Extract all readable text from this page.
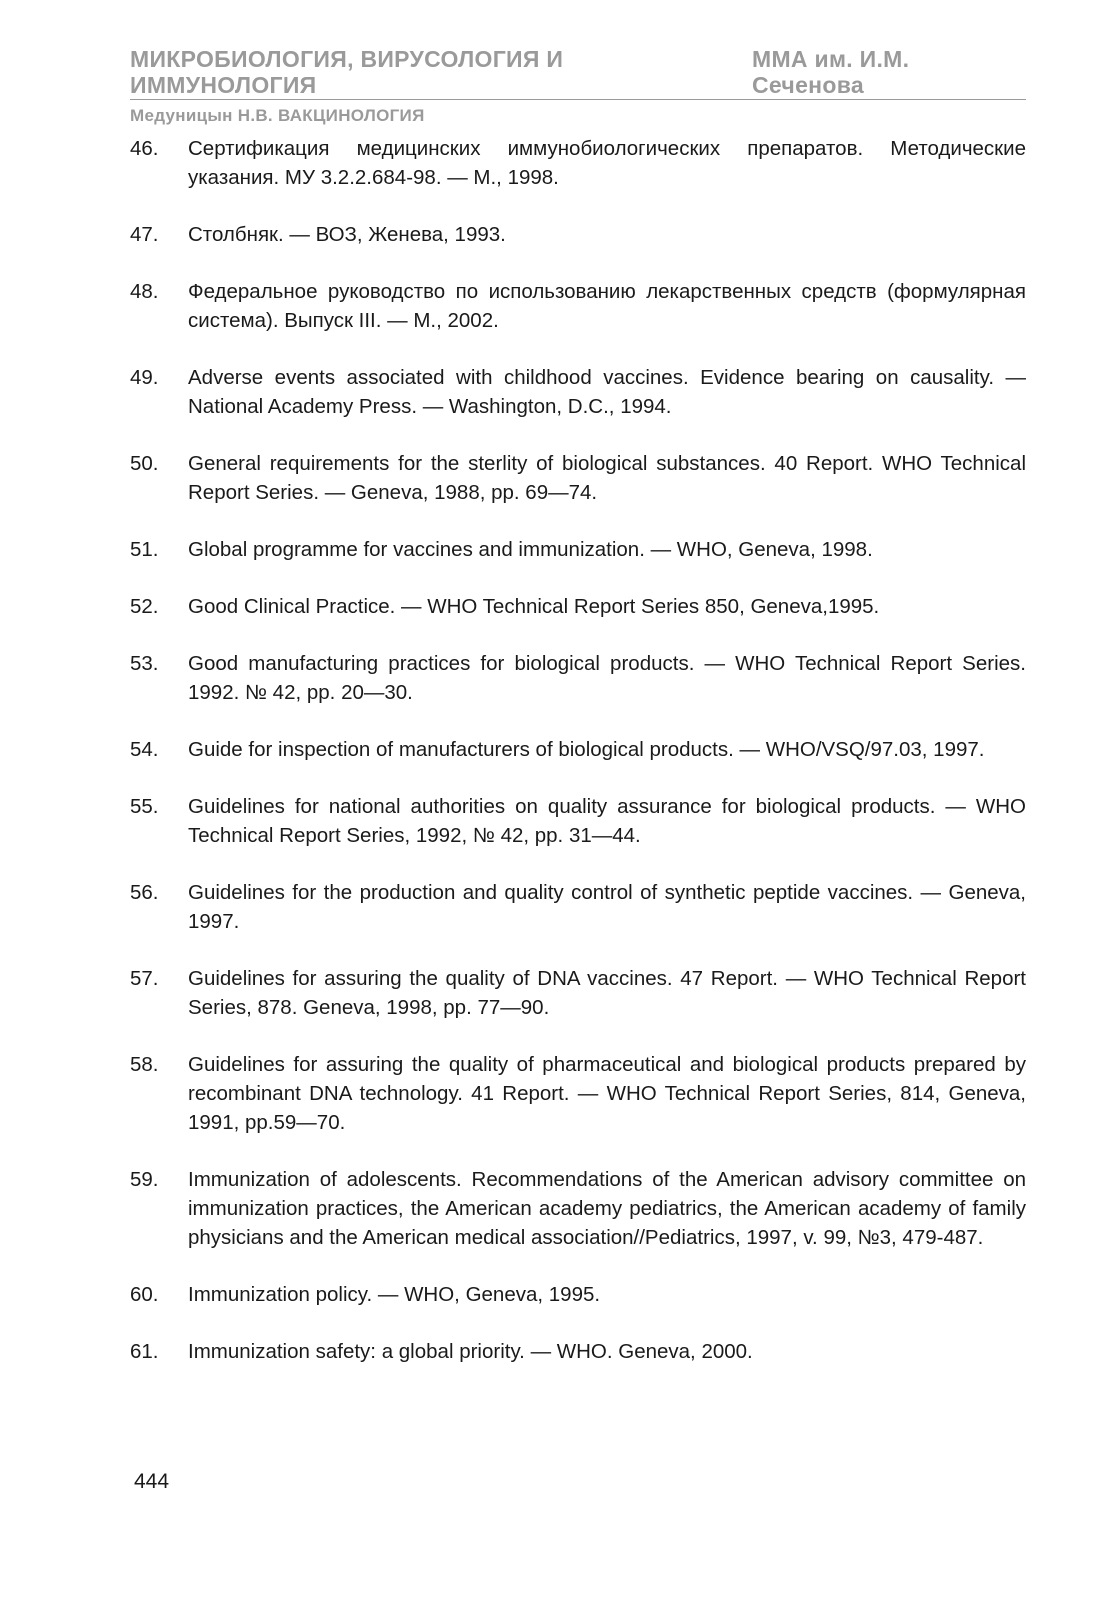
МИКРОБИОЛОГИЯ, ВИРУСОЛОГИЯ И ИММУНОЛОГИЯ
ММА им. И.М. Сеченова
Медуницын Н.В. ВАКЦИНОЛОГИЯ
46.	Сертификация медицинских иммунобиологических препаратов. Методические указания. МУ 3.2.2.684-98. — М., 1998.
47.	Столбняк. — ВОЗ, Женева, 1993.
48.	Федеральное руководство по использованию лекарственных средств (формулярная система). Выпуск III. — М., 2002.
49.	Adverse events associated with childhood vaccines. Evidence bearing on causality. — National Academy Press. — Washington, D.C., 1994.
50.	General requirements for the sterlity of biological substances. 40 Report. WHO Technical Report Series. — Geneva, 1988, pp. 69—74.
51.	Global programme for vaccines and immunization. — WHO, Geneva, 1998.
52.	Good Clinical Practice. — WHO Technical Report Series 850, Geneva,1995.
53.	Good manufacturing practices for biological products. — WHO Technical Report Series. 1992. № 42, pp. 20—30.
54.	Guide for inspection of manufacturers of biological products. — WHO/VSQ/97.03, 1997.
55.	Guidelines for national authorities on quality assurance for biological products. — WHO Technical Report Series, 1992, № 42, pp. 31—44.
56.	Guidelines for the production and quality control of synthetic peptide vaccines. — Geneva, 1997.
57.	Guidelines for assuring the quality of DNA vaccines. 47 Report. — WHO Technical Report Series, 878. Geneva, 1998, pp. 77—90.
58.	Guidelines for assuring the quality of pharmaceutical and biological products prepared by recombinant DNA technology. 41 Report. — WHO Technical Report Series, 814, Geneva, 1991, pp.59—70.
59.	Immunization of adolescents. Recommendations of the American advisory committee on immunization practices, the American academy pediatrics, the American academy of family physicians and the American medical association//Pediatrics, 1997, v. 99, №3, 479-487.
60.	Immunization policy. — WHO, Geneva, 1995.
61.	Immunization safety: a global priority. — WHO. Geneva, 2000.
444
